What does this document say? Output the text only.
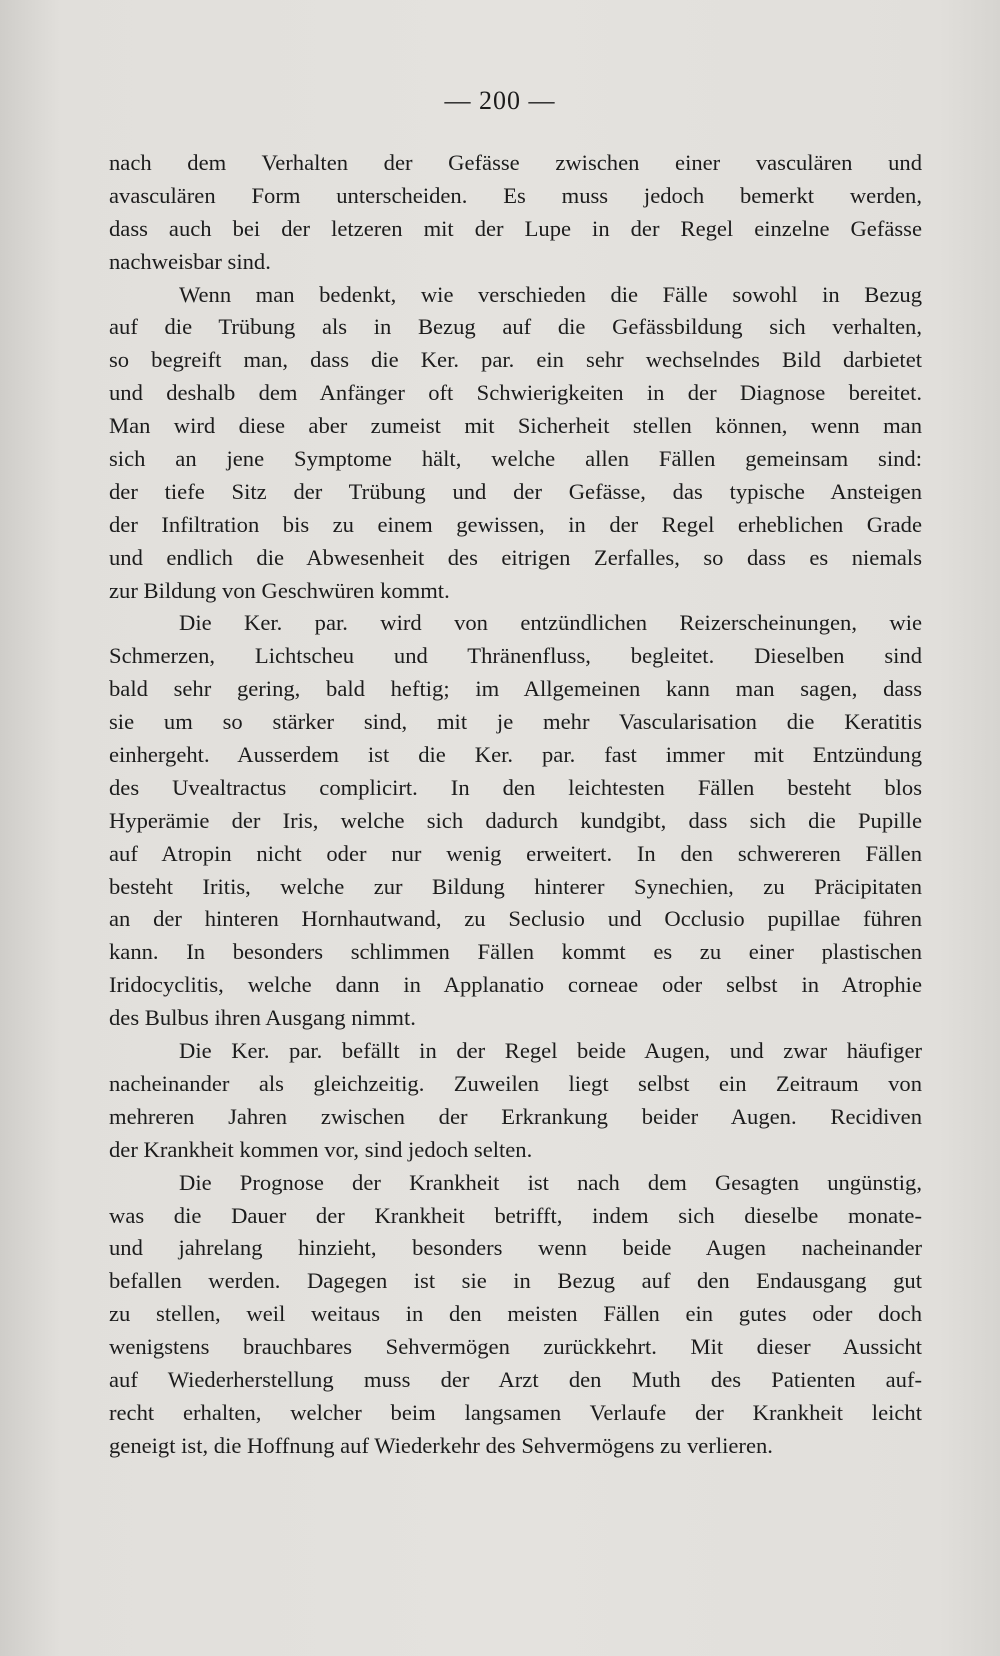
— 200 —
nach dem Verhalten der Gefässe zwischen einer vasculären und
avasculären Form unterscheiden. Es muss jedoch bemerkt werden,
dass auch bei der letzeren mit der Lupe in der Regel einzelne Gefässe
nachweisbar sind.
Wenn man bedenkt, wie verschieden die Fälle sowohl in Bezug
auf die Trübung als in Bezug auf die Gefässbildung sich verhalten,
so begreift man, dass die Ker. par. ein sehr wechselndes Bild darbietet
und deshalb dem Anfänger oft Schwierigkeiten in der Diagnose bereitet.
Man wird diese aber zumeist mit Sicherheit stellen können, wenn man
sich an jene Symptome hält, welche allen Fällen gemeinsam sind:
der tiefe Sitz der Trübung und der Gefässe, das typische Ansteigen
der Infiltration bis zu einem gewissen, in der Regel erheblichen Grade
und endlich die Abwesenheit des eitrigen Zerfalles, so dass es niemals
zur Bildung von Geschwüren kommt.
Die Ker. par. wird von entzündlichen Reizerscheinungen, wie
Schmerzen, Lichtscheu und Thränenfluss, begleitet. Dieselben sind
bald sehr gering, bald heftig; im Allgemeinen kann man sagen, dass
sie um so stärker sind, mit je mehr Vascularisation die Keratitis
einhergeht. Ausserdem ist die Ker. par. fast immer mit Entzündung
des Uvealtractus complicirt. In den leichtesten Fällen besteht blos
Hyperämie der Iris, welche sich dadurch kundgibt, dass sich die Pupille
auf Atropin nicht oder nur wenig erweitert. In den schwereren Fällen
besteht Iritis, welche zur Bildung hinterer Synechien, zu Präcipitaten
an der hinteren Hornhautwand, zu Seclusio und Occlusio pupillae führen
kann. In besonders schlimmen Fällen kommt es zu einer plastischen
Iridocyclitis, welche dann in Applanatio corneae oder selbst in Atrophie
des Bulbus ihren Ausgang nimmt.
Die Ker. par. befällt in der Regel beide Augen, und zwar häufiger
nacheinander als gleichzeitig. Zuweilen liegt selbst ein Zeitraum von
mehreren Jahren zwischen der Erkrankung beider Augen. Recidiven
der Krankheit kommen vor, sind jedoch selten.
Die Prognose der Krankheit ist nach dem Gesagten ungünstig,
was die Dauer der Krankheit betrifft, indem sich dieselbe monate-
und jahrelang hinzieht, besonders wenn beide Augen nacheinander
befallen werden. Dagegen ist sie in Bezug auf den Endausgang gut
zu stellen, weil weitaus in den meisten Fällen ein gutes oder doch
wenigstens brauchbares Sehvermögen zurückkehrt. Mit dieser Aussicht
auf Wiederherstellung muss der Arzt den Muth des Patienten auf-
recht erhalten, welcher beim langsamen Verlaufe der Krankheit leicht
geneigt ist, die Hoffnung auf Wiederkehr des Sehvermögens zu verlieren.
